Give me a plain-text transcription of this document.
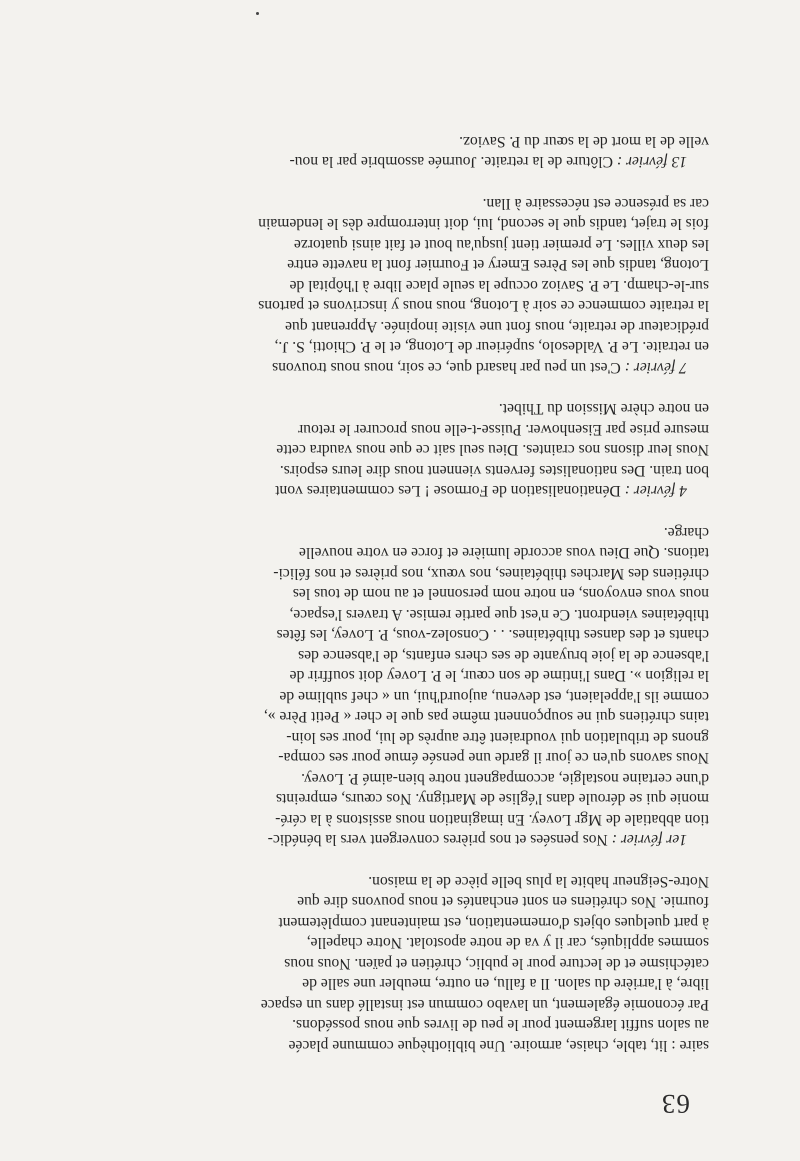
saire : lit, table, chaise, armoire. Une bibliothèque commune placée
au salon suffit largement pour le peu de livres que nous possédons.
Par économie également, un lavabo commun est installé dans un espace
libre, à l'arrière du salon. Il a fallu, en outre, meubler une salle de
catéchisme et de lecture pour le public, chrétien et païen. Nous nous
sommes appliqués, car il y va de notre apostolat. Notre chapelle,
à part quelques objets d'ornementation, est maintenant complètement
fournie. Nos chrétiens en sont enchantés et nous pouvons dire que
Notre-Seigneur habite la plus belle pièce de la maison.
1er février : Nos pensées et nos prières convergent vers la bénédic-
tion abbatiale de Mgr Lovey. En imagination nous assistons à la céré-
monie qui se déroule dans l'église de Martigny. Nos cœurs, empreints
d'une certaine nostalgie, accompagnent notre bien-aimé P. Lovey.
Nous savons qu'en ce jour il garde une pensée émue pour ses compa-
gnons de tribulation qui voudraient être auprès de lui, pour ses loin-
tains chrétiens qui ne soupçonnent même pas que le cher « Petit Père »,
comme ils l'appelaient, est devenu, aujourd'hui, un « chef sublime de
la religion ». Dans l'intime de son cœur, le P. Lovey doit souffrir de
l'absence de la joie bruyante de ses chers enfants, de l'absence des
chants et des danses thibétaines. . . Consolez-vous, P. Lovey, les fêtes
thibétaines viendront. Ce n'est que partie remise. A travers l'espace,
nous vous envoyons, en notre nom personnel et au nom de tous les
chrétiens des Marches thibétaines, nos vœux, nos prières et nos félici-
tations. Que Dieu vous accorde lumière et force en votre nouvelle
charge.
4 février : Dénationalisation de Formose ! Les commentaires vont
bon train. Des nationalistes fervents viennent nous dire leurs espoirs.
Nous leur disons nos craintes. Dieu seul sait ce que nous vaudra cette
mesure prise par Eisenhower. Puisse-t-elle nous procurer le retour
en notre chère Mission du Thibet.
7 février : C'est un peu par hasard que, ce soir, nous nous trouvons
en retraite. Le P. Valdesolo, supérieur de Lotong, et le P. Chiotti, S. J.,
prédicateur de retraite, nous font une visite inopinée. Apprenant que
la retraite commence ce soir à Lotong, nous nous y inscrivons et partons
sur-le-champ. Le P. Savioz occupe la seule place libre à l'hôpital de
Lotong, tandis que les Pères Emery et Fournier font la navette entre
les deux villes. Le premier tient jusqu'au bout et fait ainsi quatorze
fois le trajet, tandis que le second, lui, doit interrompre dès le lendemain
car sa présence est nécessaire à Ilan.
13 février : Clôture de la retraite. Journée assombrie par la nou-
velle de la mort de la sœur du P. Savioz.
63
